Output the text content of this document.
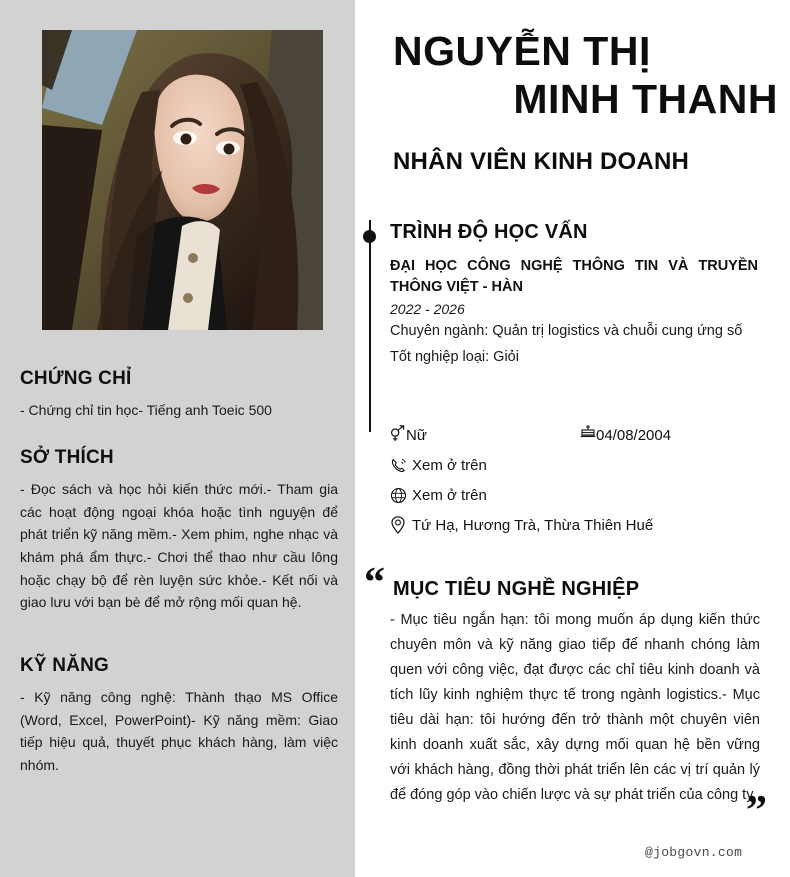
CHỨNG CHỈ
- Chứng chỉ tin học- Tiếng anh Toeic 500
SỞ THÍCH
- Đọc sách và học hỏi kiến thức mới.- Tham gia các hoạt động ngoại khóa hoặc tình nguyện để phát triển kỹ năng mềm.- Xem phim, nghe nhạc và khám phá ẩm thực.- Chơi thể thao như cầu lông hoặc chạy bộ để rèn luyện sức khỏe.- Kết nối và giao lưu với bạn bè để mở rộng mối quan hệ.
KỸ NĂNG
- Kỹ năng công nghệ: Thành thạo MS Office (Word, Excel, PowerPoint)- Kỹ năng mềm: Giao tiếp hiệu quả, thuyết phục khách hàng, làm việc nhóm.
NGUYỄN THỊ
MINH THANH
NHÂN VIÊN KINH DOANH
TRÌNH ĐỘ HỌC VẤN
ĐẠI HỌC CÔNG NGHỆ THÔNG TIN VÀ TRUYỀN THÔNG VIỆT - HÀN
2022 - 2026
Chuyên ngành: Quản trị logistics và chuỗi cung ứng số
Tốt nghiệp loại: Giỏi
Nữ	04/08/2004
Xem ở trên
Xem ở trên
Tứ Hạ, Hương Trà, Thừa Thiên Huế
“ MỤC TIÊU NGHỀ NGHIỆP
- Mục tiêu ngắn hạn: tôi mong muốn áp dụng kiến thức chuyên môn và kỹ năng giao tiếp để nhanh chóng làm quen với công việc, đạt được các chỉ tiêu kinh doanh và tích lũy kinh nghiệm thực tế trong ngành logistics.- Mục tiêu dài hạn: tôi hướng đến trở thành một chuyên viên kinh doanh xuất sắc, xây dựng mối quan hệ bền vững với khách hàng, đồng thời phát triển lên các vị trí quản lý để đóng góp vào chiến lược và sự phát triển của công ty.
”
@jobgovn.com
